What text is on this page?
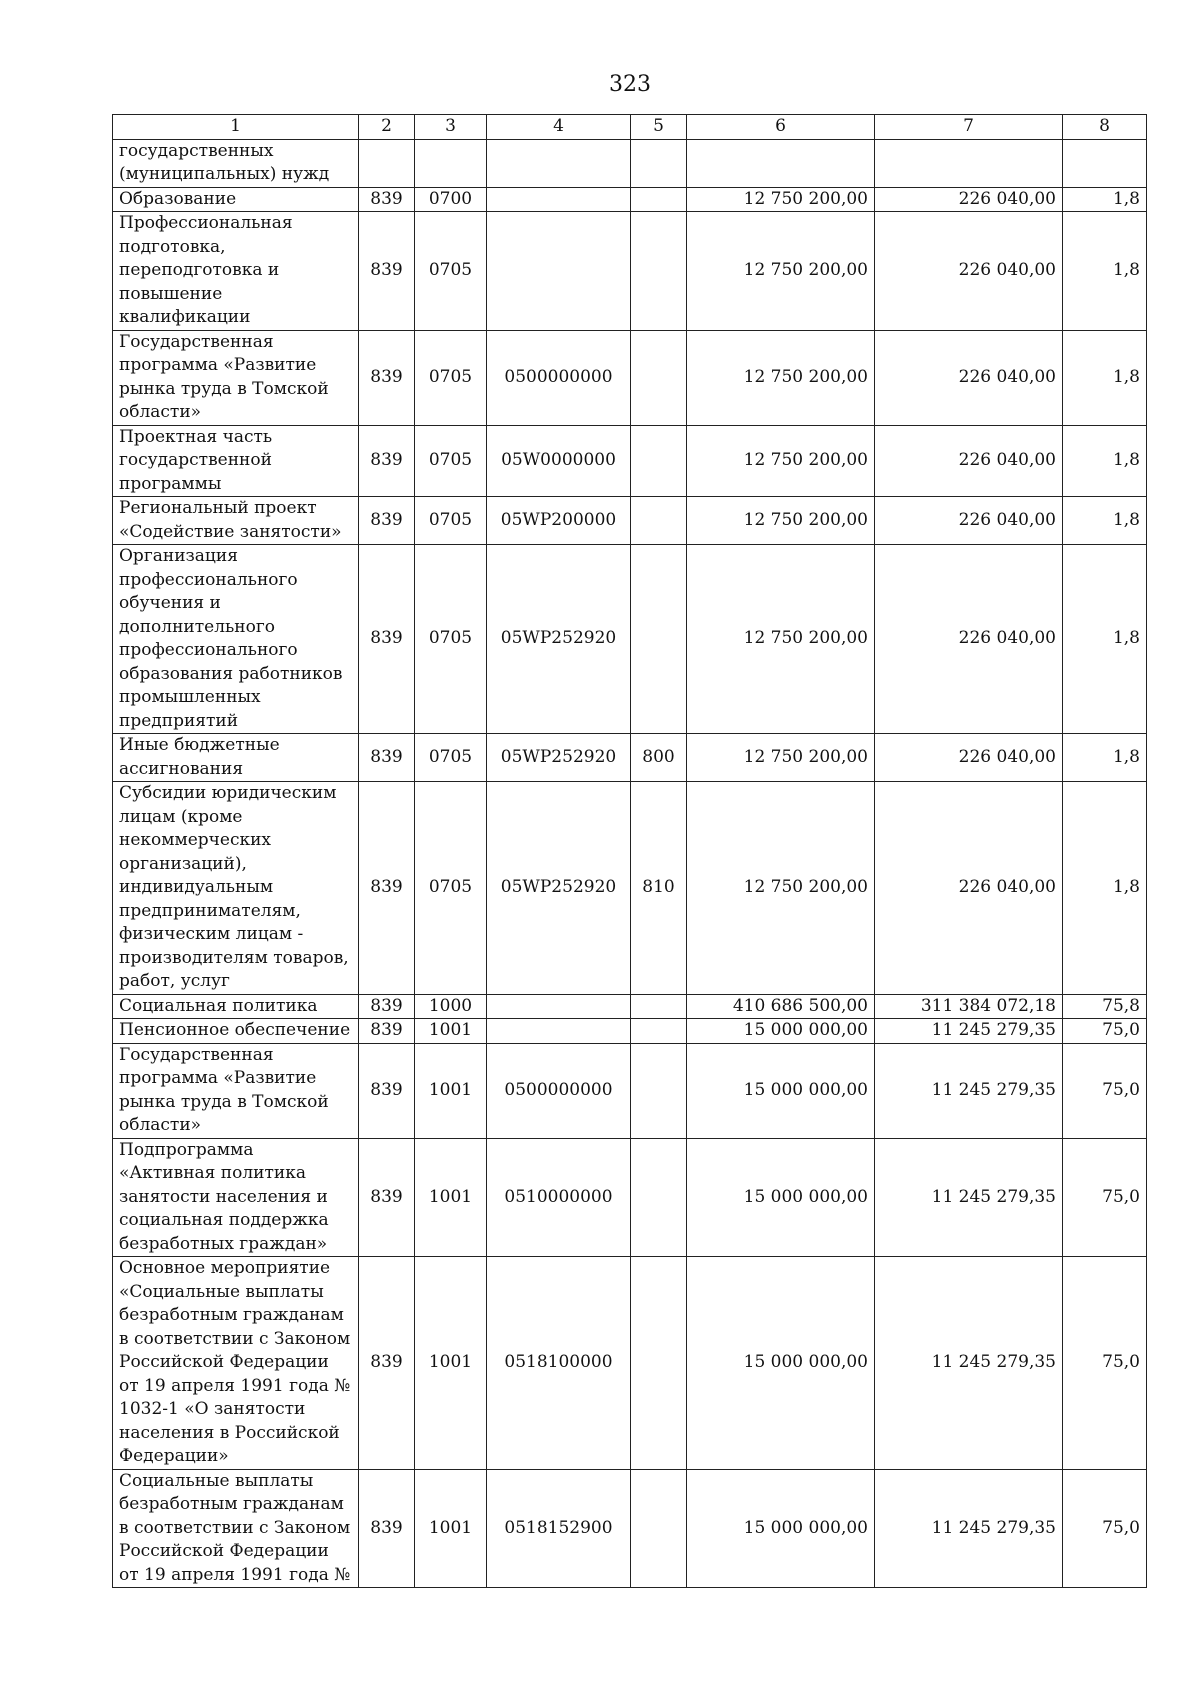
323
1	2	3	4	5	6	7	8
государственных (муниципальных) нужд							
Образование	839	0700			12 750 200,00	226 040,00	1,8
Профессиональная подготовка, переподготовка и повышение квалификации	839	0705			12 750 200,00	226 040,00	1,8
Государственная программа «Развитие рынка труда в Томской области»	839	0705	0500000000		12 750 200,00	226 040,00	1,8
Проектная часть государственной программы	839	0705	05W0000000		12 750 200,00	226 040,00	1,8
Региональный проект «Содействие занятости»	839	0705	05WP200000		12 750 200,00	226 040,00	1,8
Организация профессионального обучения и дополнительного профессионального образования работников промышленных предприятий	839	0705	05WP252920		12 750 200,00	226 040,00	1,8
Иные бюджетные ассигнования	839	0705	05WP252920	800	12 750 200,00	226 040,00	1,8
Субсидии юридическим лицам (кроме некоммерческих организаций), индивидуальным предпринимателям, физическим лицам - производителям товаров, работ, услуг	839	0705	05WP252920	810	12 750 200,00	226 040,00	1,8
Социальная политика	839	1000			410 686 500,00	311 384 072,18	75,8
Пенсионное обеспечение	839	1001			15 000 000,00	11 245 279,35	75,0
Государственная программа «Развитие рынка труда в Томской области»	839	1001	0500000000		15 000 000,00	11 245 279,35	75,0
Подпрограмма «Активная политика занятости населения и социальная поддержка безработных граждан»	839	1001	0510000000		15 000 000,00	11 245 279,35	75,0
Основное мероприятие «Социальные выплаты безработным гражданам в соответствии с Законом Российской Федерации от 19 апреля 1991 года № 1032-1 «О занятости населения в Российской Федерации»	839	1001	0518100000		15 000 000,00	11 245 279,35	75,0
Социальные выплаты безработным гражданам в соответствии с Законом Российской Федерации от 19 апреля 1991 года №	839	1001	0518152900		15 000 000,00	11 245 279,35	75,0
